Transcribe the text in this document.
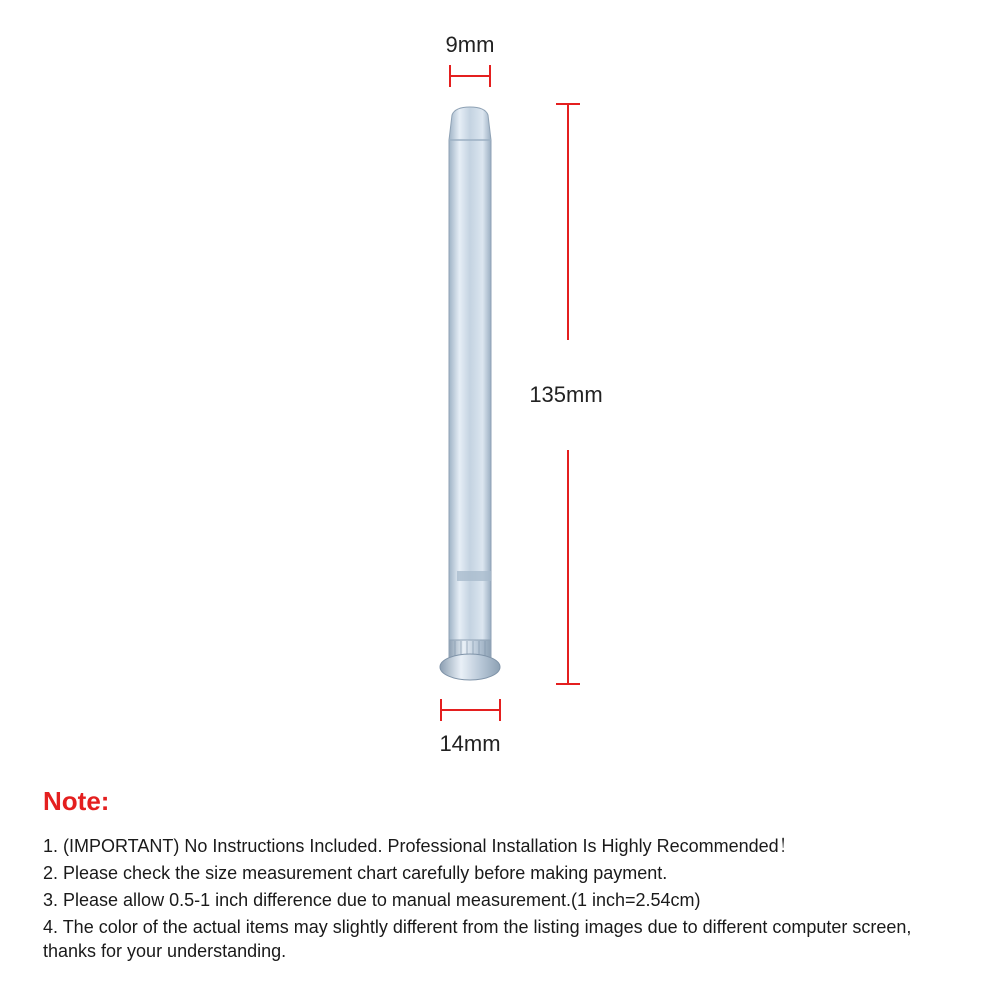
9mm
135mm
14mm
Note:
1. (IMPORTANT) No Instructions Included. Professional Installation Is Highly Recommended！
2. Please check the size measurement chart carefully before making payment.
3. Please allow 0.5-1 inch difference due to manual measurement.(1 inch=2.54cm)
4. The color of the actual items may slightly different from the listing images due to different computer screen, thanks for your understanding.
